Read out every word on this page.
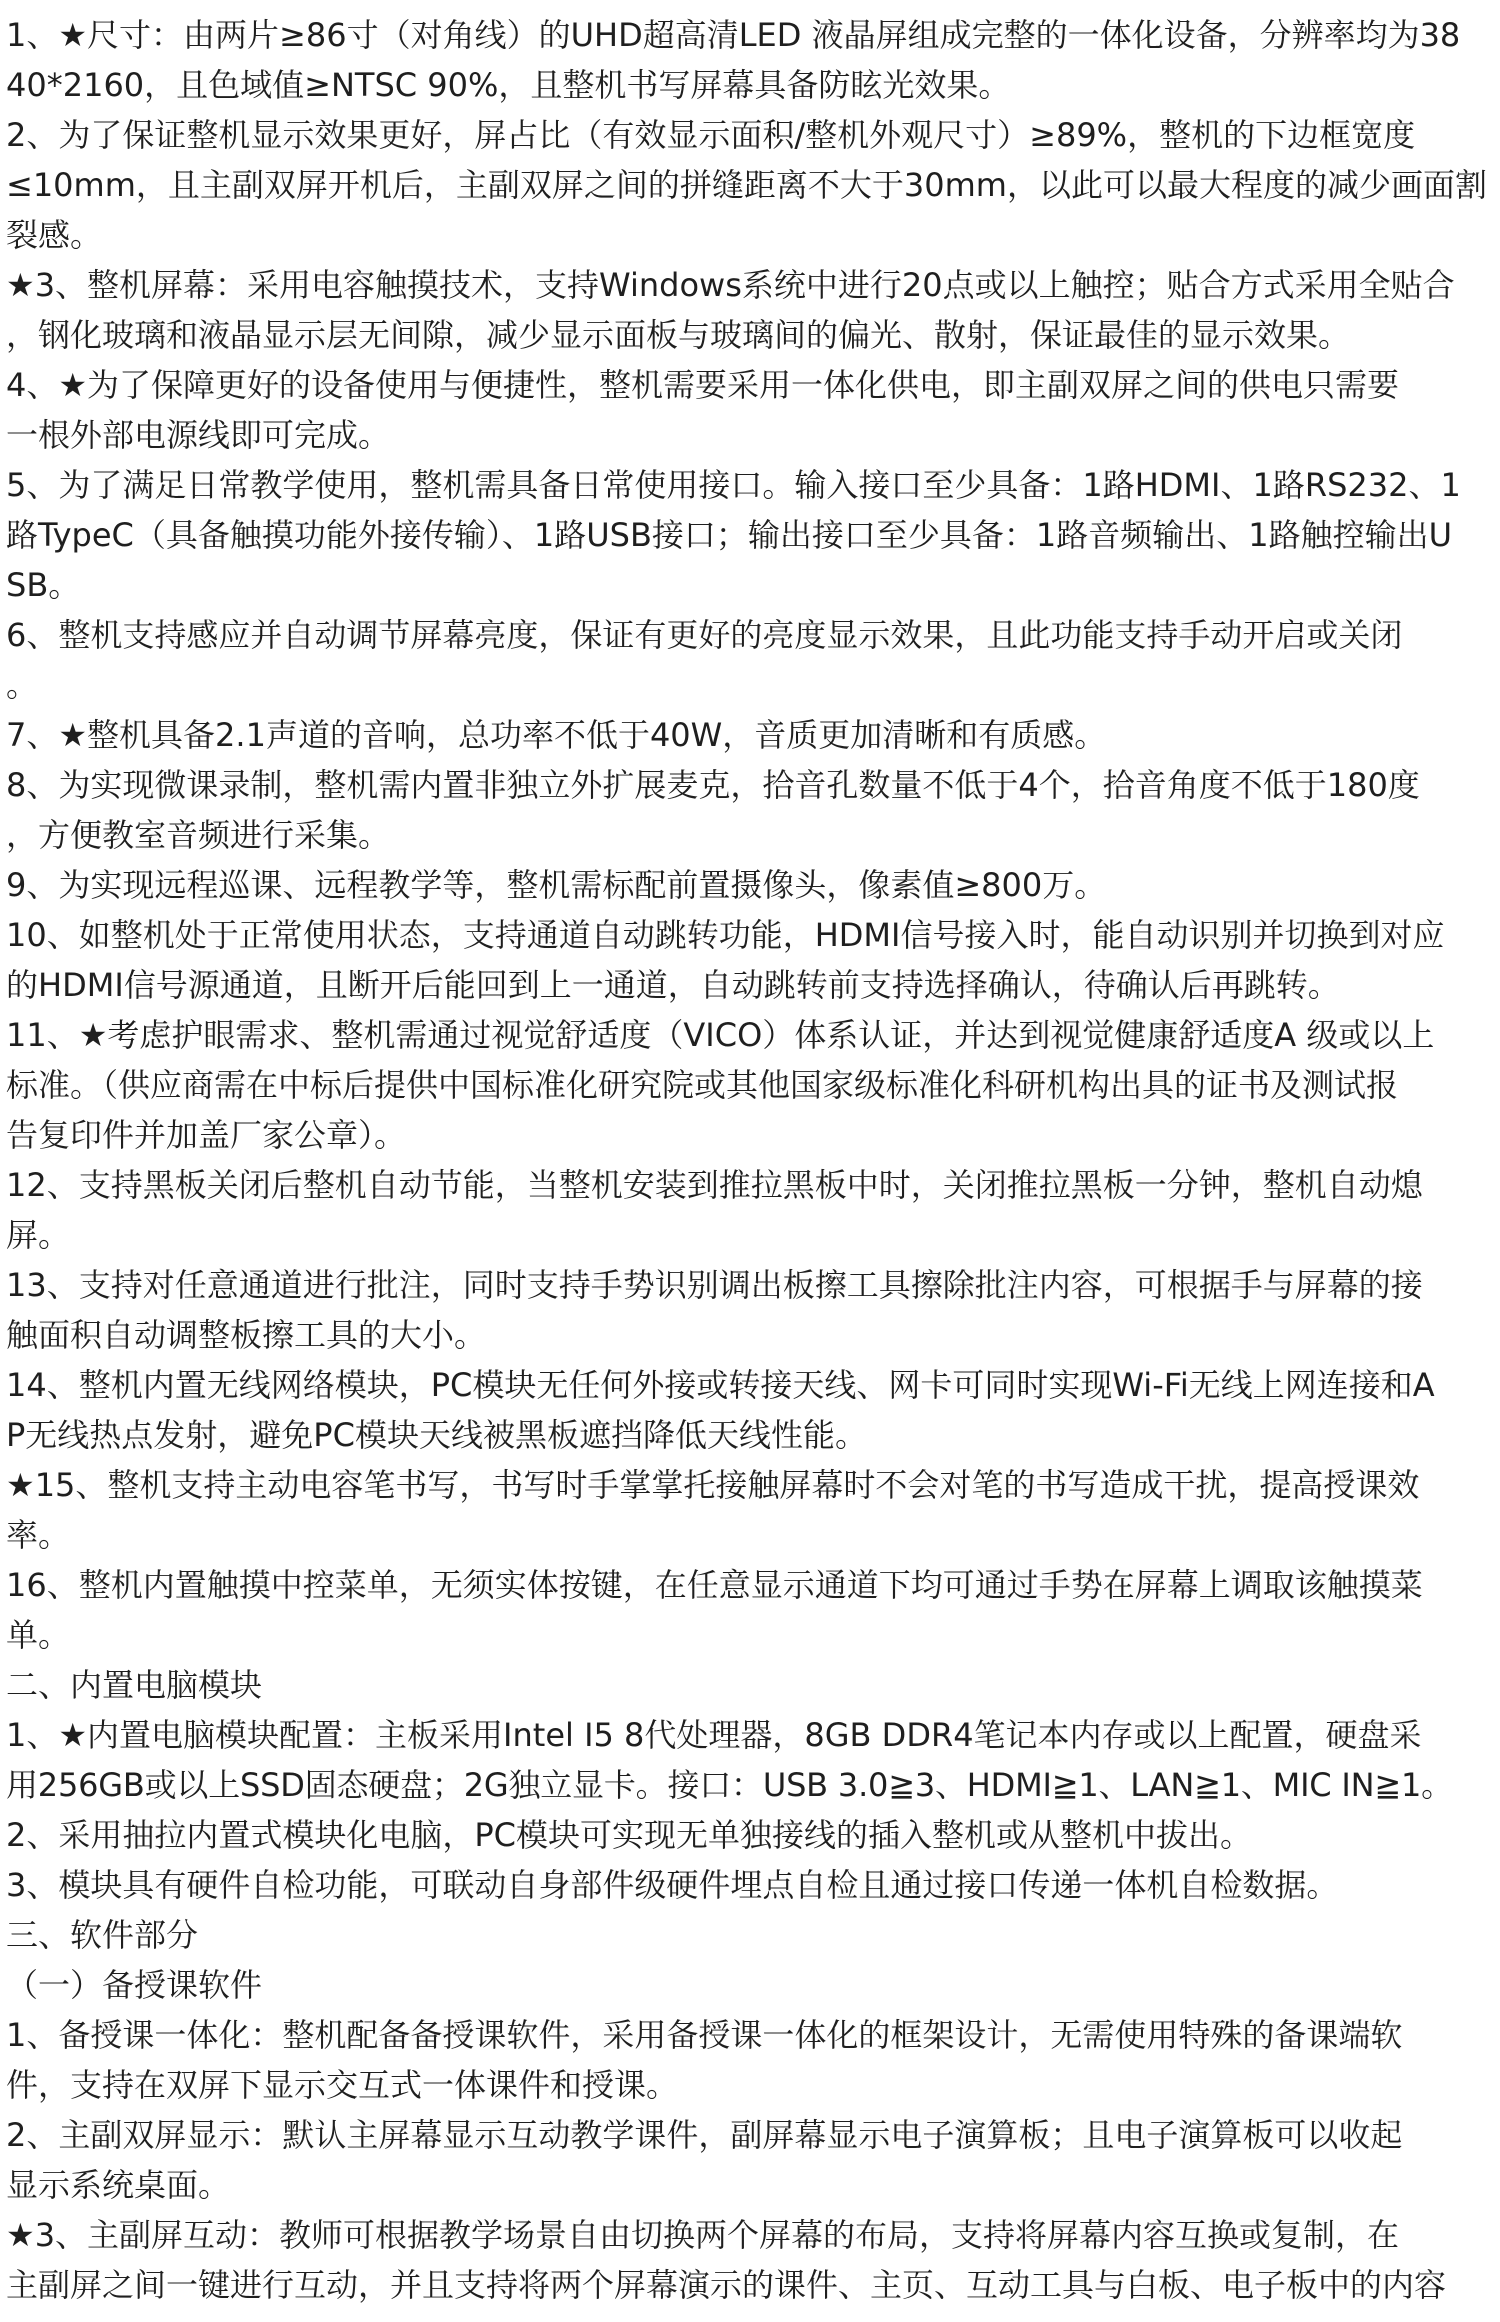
1、★尺寸：由两片≥86寸（对角线）的UHD超高清LED 液晶屏组成完整的一体化设备，分辨率均为38

40*2160，且色域值≥NTSC 90%，且整机书写屏幕具备防眩光效果。

2、为了保证整机显示效果更好，屏占比（有效显示面积/整机外观尺寸）≥89%，整机的下边框宽度

≤10mm，且主副双屏开机后，主副双屏之间的拼缝距离不大于30mm，以此可以最大程度的减少画面割

裂感。

★3、整机屏幕：采用电容触摸技术，支持Windows系统中进行20点或以上触控；贴合方式采用全贴合

，钢化玻璃和液晶显示层无间隙，减少显示面板与玻璃间的偏光、散射，保证最佳的显示效果。

4、★为了保障更好的设备使用与便捷性，整机需要采用一体化供电，即主副双屏之间的供电只需要

一根外部电源线即可完成。

5、为了满足日常教学使用，整机需具备日常使用接口。输入接口至少具备：1路HDMI、1路RS232、1

路TypeC（具备触摸功能外接传输）、1路USB接口；输出接口至少具备：1路音频输出、1路触控输出U

SB。

6、整机支持感应并自动调节屏幕亮度，保证有更好的亮度显示效果，且此功能支持手动开启或关闭

。

7、★整机具备2.1声道的音响，总功率不低于40W，音质更加清晰和有质感。

8、为实现微课录制，整机需内置非独立外扩展麦克，拾音孔数量不低于4个，拾音角度不低于180度

，方便教室音频进行采集。

9、为实现远程巡课、远程教学等，整机需标配前置摄像头，像素值≥800万。

10、如整机处于正常使用状态，支持通道自动跳转功能，HDMI信号接入时，能自动识别并切换到对应

的HDMI信号源通道，且断开后能回到上一通道，自动跳转前支持选择确认，待确认后再跳转。

11、★考虑护眼需求、整机需通过视觉舒适度（VICO）体系认证，并达到视觉健康舒适度A 级或以上

标准。（供应商需在中标后提供中国标准化研究院或其他国家级标准化科研机构出具的证书及测试报

告复印件并加盖厂家公章）。

12、支持黑板关闭后整机自动节能，当整机安装到推拉黑板中时，关闭推拉黑板一分钟，整机自动熄

屏。

13、支持对任意通道进行批注，同时支持手势识别调出板擦工具擦除批注内容，可根据手与屏幕的接

触面积自动调整板擦工具的大小。

14、整机内置无线网络模块，PC模块无任何外接或转接天线、网卡可同时实现Wi-Fi无线上网连接和A

P无线热点发射，避免PC模块天线被黑板遮挡降低天线性能。

★15、整机支持主动电容笔书写，书写时手掌掌托接触屏幕时不会对笔的书写造成干扰，提高授课效

率。

16、整机内置触摸中控菜单，无须实体按键，在任意显示通道下均可通过手势在屏幕上调取该触摸菜

单。

二、内置电脑模块

1、★内置电脑模块配置：主板采用Intel I5 8代处理器，8GB DDR4笔记本内存或以上配置，硬盘采

用256GB或以上SSD固态硬盘；2G独立显卡。接口：USB 3.0≧3、HDMI≧1、LAN≧1、MIC IN≧1。

2、采用抽拉内置式模块化电脑，PC模块可实现无单独接线的插入整机或从整机中拔出。

3、模块具有硬件自检功能，可联动自身部件级硬件埋点自检且通过接口传递一体机自检数据。

三、软件部分

（一）备授课软件

1、备授课一体化：整机配备备授课软件，采用备授课一体化的框架设计，无需使用特殊的备课端软

件，支持在双屏下显示交互式一体课件和授课。

2、主副双屏显示：默认主屏幕显示互动教学课件，副屏幕显示电子演算板；且电子演算板可以收起

显示系统桌面。

★3、主副屏互动：教师可根据教学场景自由切换两个屏幕的布局，支持将屏幕内容互换或复制，在

主副屏之间一键进行互动，并且支持将两个屏幕演示的课件、主页、互动工具与白板、电子板中的内容
